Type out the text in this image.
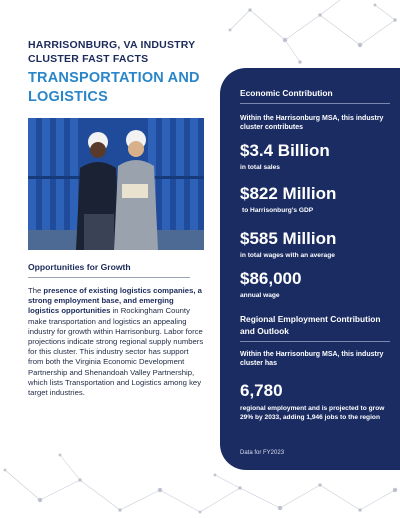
HARRISONBURG, VA INDUSTRY CLUSTER FAST FACTS
TRANSPORTATION AND LOGISTICS
Opportunities for Growth
The presence of existing logistics companies, a strong employment base, and emerging logistics opportunities in Rockingham County make transportation and logistics an appealing industry for growth within Harrisonburg. Labor force projections indicate strong regional supply numbers for this cluster. This industry sector has support from both the Virginia Economic Development Partnership and Shenandoah Valley Partnership, which lists Transportation and Logistics among key target industries.
Economic Contribution
Within the Harrisonburg MSA, this industry cluster contributes
$3.4 Billion
in total sales
$822 Million
to Harrisonburg's GDP
$585 Million
in total wages with an average
$86,000
annual wage
Regional Employment Contribution and Outlook
Within the Harrisonburg MSA, this industry cluster has
6,780
regional employment and is projected to grow 29% by 2033, adding 1,946 jobs to the region
Data for FY2023
